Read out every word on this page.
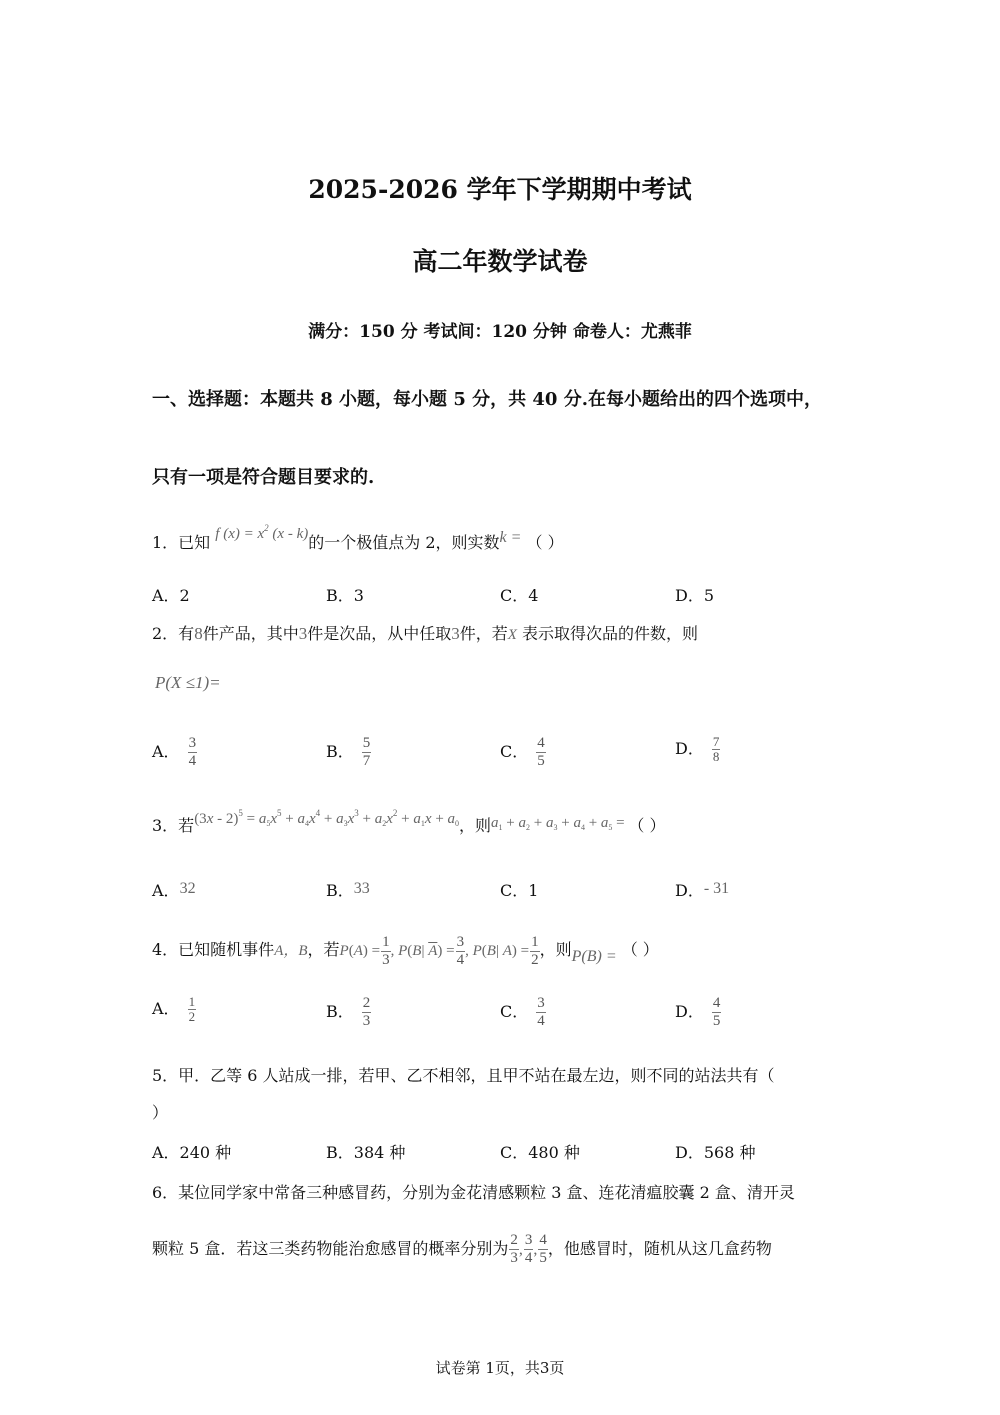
2025-2026 学年下学期期中考试
高二年数学试卷
满分：150 分 考试间：120 分钟 命卷人：尤燕菲
一、选择题：本题共 8 小题，每小题 5 分，共 40 分.在每小题给出的四个选项中，
只有一项是符合题目要求的.
1．已知 f $(x) = x^2$ (x - k)的一个极值点为 2，则实数k = （ ）
A．2	B．3	C．4	D．5
2．有8件产品，其中3件是次品，从中任取3件，若X 表示取得次品的件数，则
P(X ≤1)=
A． $\frac{3}{4}$	B． $\frac{5}{7}$	C． $\frac{4}{5}$	D． $\frac{7}{8}$
3．若$(3x - 2)^5 = a_5x^5 + a_4x^4 + a_3x^3 + a_2x^2 + a_1x + a_0$，则$a_1 + a_2 + a_3 + a_4 + a_5$ = （ ）
A．32	B．33	C．1	D．- 31
4．已知随机事件A，B，若$P(A) = \frac{1}{3}$ , P(B| $\overline{A}) = \frac{3}{4}$ , P(B| $A) = \frac{1}{2}$ ，则P(B) = （ ）
A． $\frac{1}{2}$	B． $\frac{2}{3}$	C． $\frac{3}{4}$	D． $\frac{4}{5}$
5．甲．乙等 6 人站成一排，若甲、乙不相邻，且甲不站在最左边，则不同的站法共有（
）
A．240 种	B．384 种	C．480 种	D．568 种
6．某位同学家中常备三种感冒药，分别为金花清感颗粒 3 盒、连花清瘟胶囊 2 盒、清开灵
颗粒 5 盒．若这三类药物能治愈感冒的概率分别为 $\frac{2}{3}$ , $\frac{3}{4}$ , $\frac{4}{5}$ ，他感冒时，随机从这几盒药物
试卷第 1页，共3页
